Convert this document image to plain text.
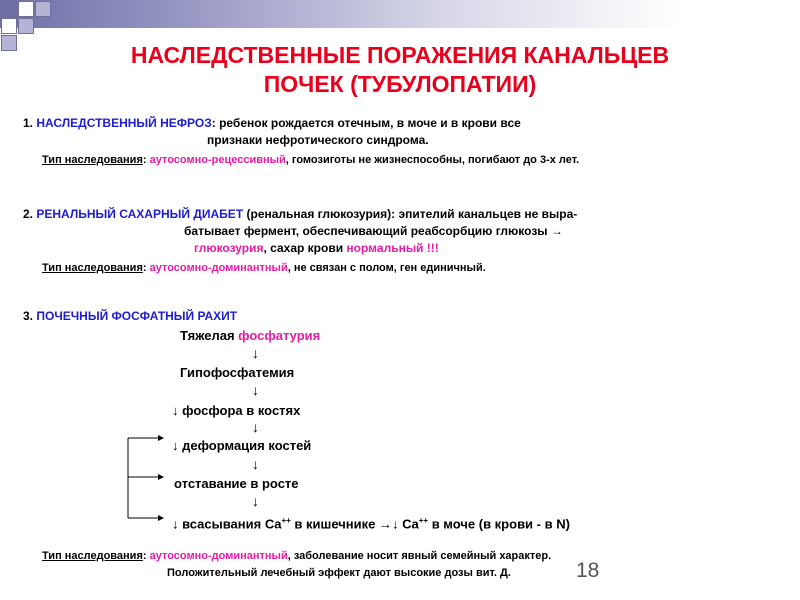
НАСЛЕДСТВЕННЫЕ ПОРАЖЕНИЯ КАНАЛЬЦЕВ
ПОЧЕК (ТУБУЛОПАТИИ)
1. НАСЛЕДСТВЕННЫЙ НЕФРОЗ: ребенок рождается отечным, в моче и в крови все
признаки нефротического синдрома.
Тип наследования: аутосомно-рецессивный, гомозиготы не жизнеспособны, погибают до 3-х лет.
2. РЕНАЛЬНЫЙ САХАРНЫЙ ДИАБЕТ (ренальная глюкозурия): эпителий канальцев не выра-
батывает фермент, обеспечивающий реабсорбцию глюкозы →
глюкозурия, сахар крови нормальный !!!
Тип наследования: аутосомно-доминантный, не связан с полом, ген единичный.
3. ПОЧЕЧНЫЙ ФОСФАТНЫЙ РАХИТ
Тяжелая фосфатурия
↓
Гипофосфатемия
↓
↓ фосфора в костях
↓
↓ деформация костей
↓
отставание в росте
↓
↓ всасывания Ca++ в кишечнике →↓ Ca++ в моче (в крови - в N)
Тип наследования: аутосомно-доминантный, заболевание носит явный семейный характер.
Положительный лечебный эффект дают высокие дозы вит. Д.	18
